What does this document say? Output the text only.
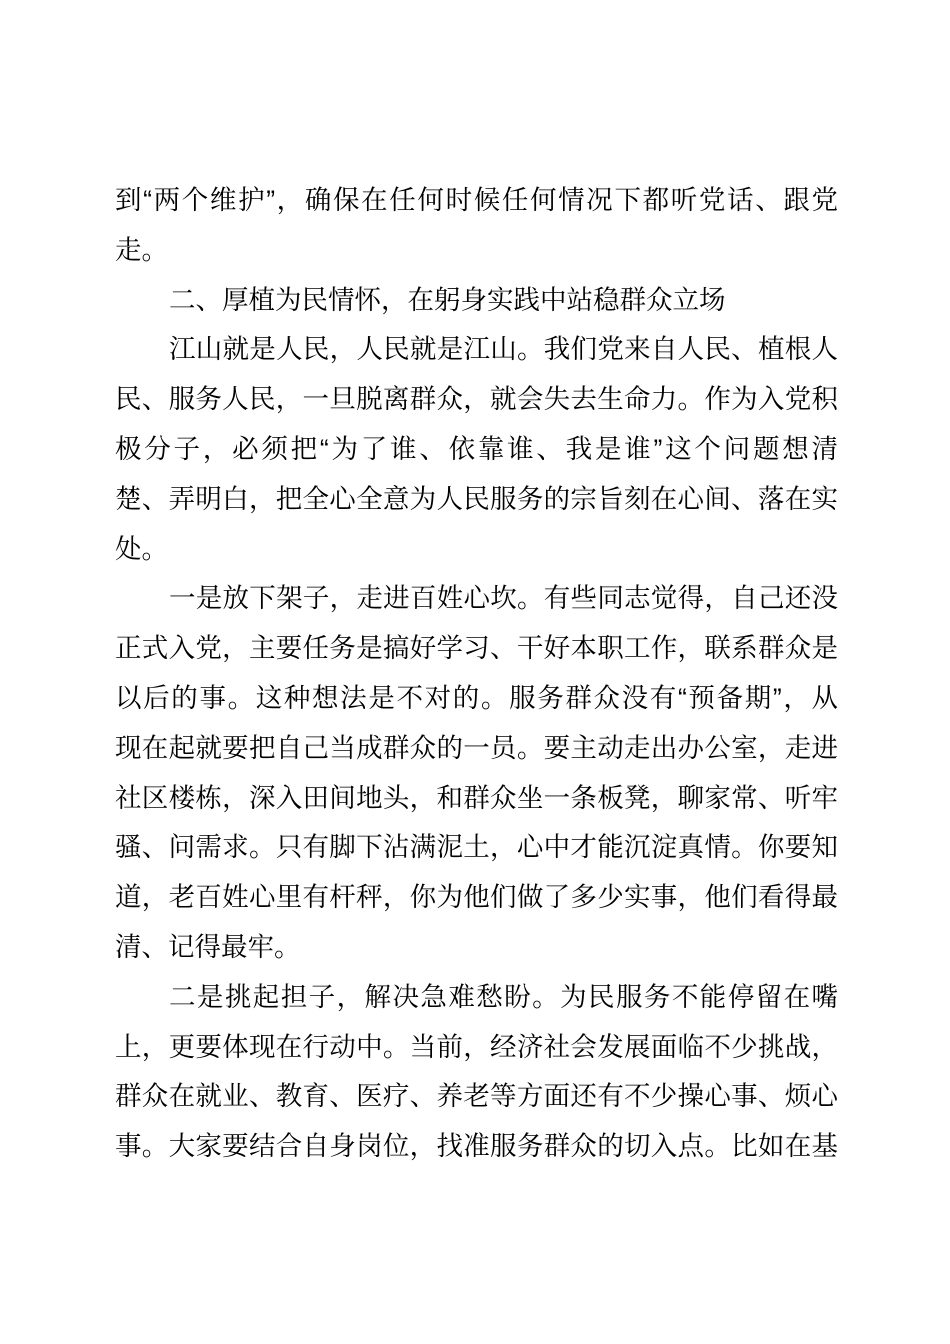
到“两个维护”，确保在任何时候任何情况下都听党话、跟党
走。
二、厚植为民情怀，在躬身实践中站稳群众立场
江山就是人民，人民就是江山。我们党来自人民、植根人
民、服务人民，一旦脱离群众，就会失去生命力。作为入党积
极分子，必须把“为了谁、依靠谁、我是谁”这个问题想清
楚、弄明白，把全心全意为人民服务的宗旨刻在心间、落在实
处。
一是放下架子，走进百姓心坎。有些同志觉得，自己还没
正式入党，主要任务是搞好学习、干好本职工作，联系群众是
以后的事。这种想法是不对的。服务群众没有“预备期”，从
现在起就要把自己当成群众的一员。要主动走出办公室，走进
社区楼栋，深入田间地头，和群众坐一条板凳，聊家常、听牢
骚、问需求。只有脚下沾满泥土，心中才能沉淀真情。你要知
道，老百姓心里有杆秤，你为他们做了多少实事，他们看得最
清、记得最牢。
二是挑起担子，解决急难愁盼。为民服务不能停留在嘴
上，更要体现在行动中。当前，经济社会发展面临不少挑战，
群众在就业、教育、医疗、养老等方面还有不少操心事、烦心
事。大家要结合自身岗位，找准服务群众的切入点。比如在基
